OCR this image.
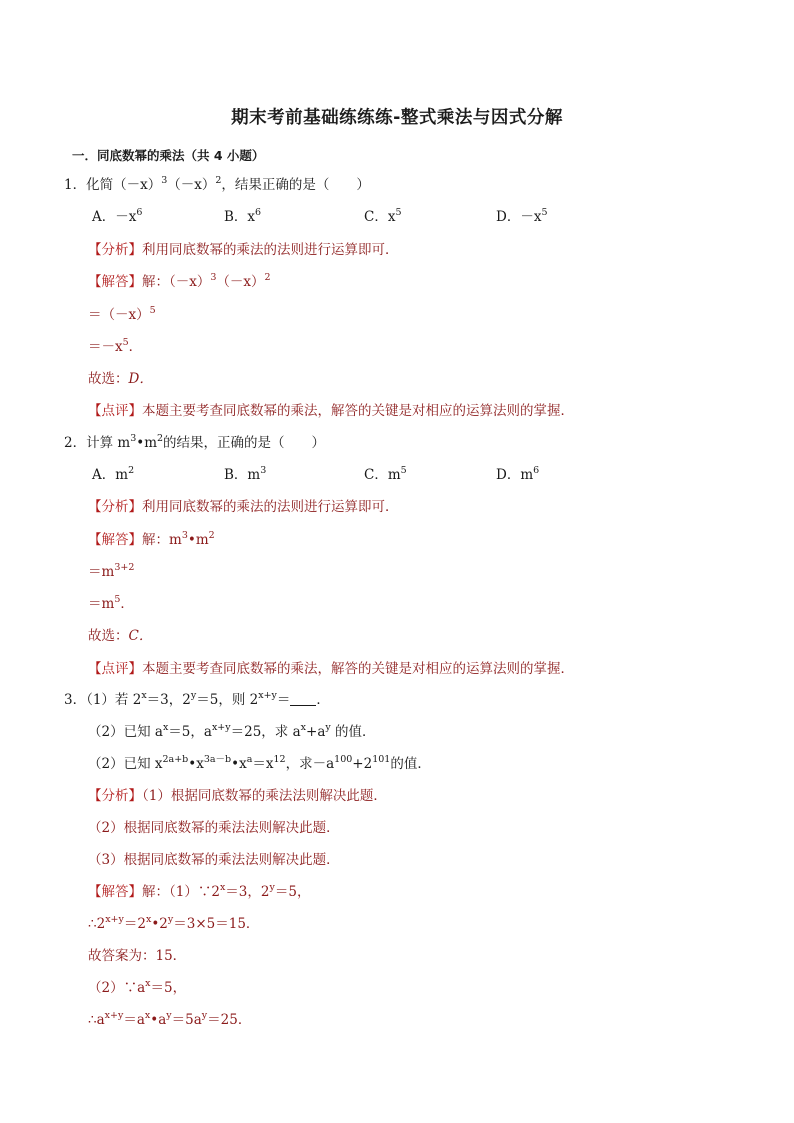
期末考前基础练练练-整式乘法与因式分解
一．同底数幂的乘法（共 4 小题）
1．化简$(-x)^3(-x)^2$，结果正确的是（　　）
A．$-x^6$	B．$x^6$	C．$x^5$	D．$-x^5$
【分析】利用同底数幂的乘法的法则进行运算即可．
【解答】解：$(-x)^3(-x)^2$
$=(-x)^5$
$=-x^5$．
故选：D．
【点评】本题主要考查同底数幂的乘法，解答的关键是对相应的运算法则的掌握．
2．计算 $m^3•m^2$的结果，正确的是（　　）
A．$m^2$	B．$m^3$	C．$m^5$	D．$m^6$
【分析】利用同底数幂的乘法的法则进行运算即可．
【解答】解：$m^3•m^2$
$=m^{3+2}$
$=m^5$．
故选：C．
【点评】本题主要考查同底数幂的乘法，解答的关键是对相应的运算法则的掌握．
3．（1）若 $2^x=3$，$2^y=5$，则 $2^{x+y}=$ ．
（2）已知 $a^x=5$，$a^{x+y}=25$，求 $a^x+a^y$ 的值．
（2）已知 $x^{2a+b}•x^{3a-b}•x^a=x^{12}$，求$-a^{100}+2^{101}$的值．
【分析】（1）根据同底数幂的乘法法则解决此题．
（2）根据同底数幂的乘法法则解决此题．
（3）根据同底数幂的乘法法则解决此题．
【解答】解：$(1)\because 2^x=3$，$2^y=5$，
$\therefore 2^{x+y}=2^x•2^y=3\times 5=15$．
故答案为：15．
$(2)\because a^x=5$，
$\therefore a^{x+y}=a^x•a^y=5a^y=25$．
